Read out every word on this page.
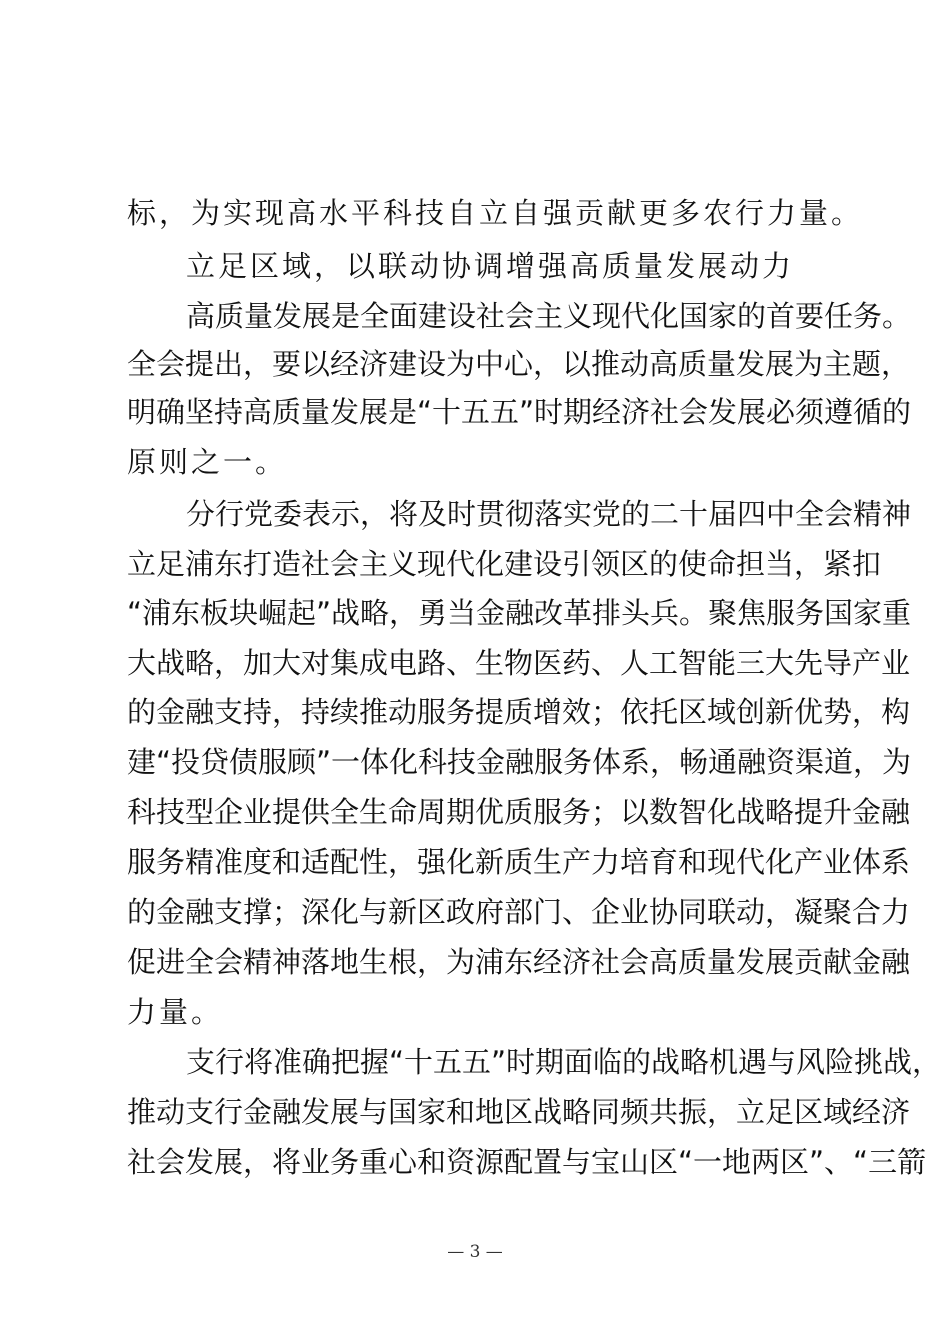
标，为实现高水平科技自立自强贡献更多农行力量。
立足区域，以联动协调增强高质量发展动力
高质量发展是全面建设社会主义现代化国家的首要任务。
全会提出，要以经济建设为中心，以推动高质量发展为主题，
明确坚持高质量发展是“十五五”时期经济社会发展必须遵循的
原则之一。
分行党委表示，将及时贯彻落实党的二十届四中全会精神
立足浦东打造社会主义现代化建设引领区的使命担当，紧扣
“浦东板块崛起”战略，勇当金融改革排头兵。聚焦服务国家重
大战略，加大对集成电路、生物医药、人工智能三大先导产业
的金融支持，持续推动服务提质增效；依托区域创新优势，构
建“投贷债服顾”一体化科技金融服务体系，畅通融资渠道，为
科技型企业提供全生命周期优质服务；以数智化战略提升金融
服务精准度和适配性，强化新质生产力培育和现代化产业体系
的金融支撑；深化与新区政府部门、企业协同联动，凝聚合力
促进全会精神落地生根，为浦东经济社会高质量发展贡献金融
力量。
支行将准确把握“十五五”时期面临的战略机遇与风险挑战，
推动支行金融发展与国家和地区战略同频共振，立足区域经济
社会发展，将业务重心和资源配置与宝山区“一地两区”、“三箭
— 3 —
